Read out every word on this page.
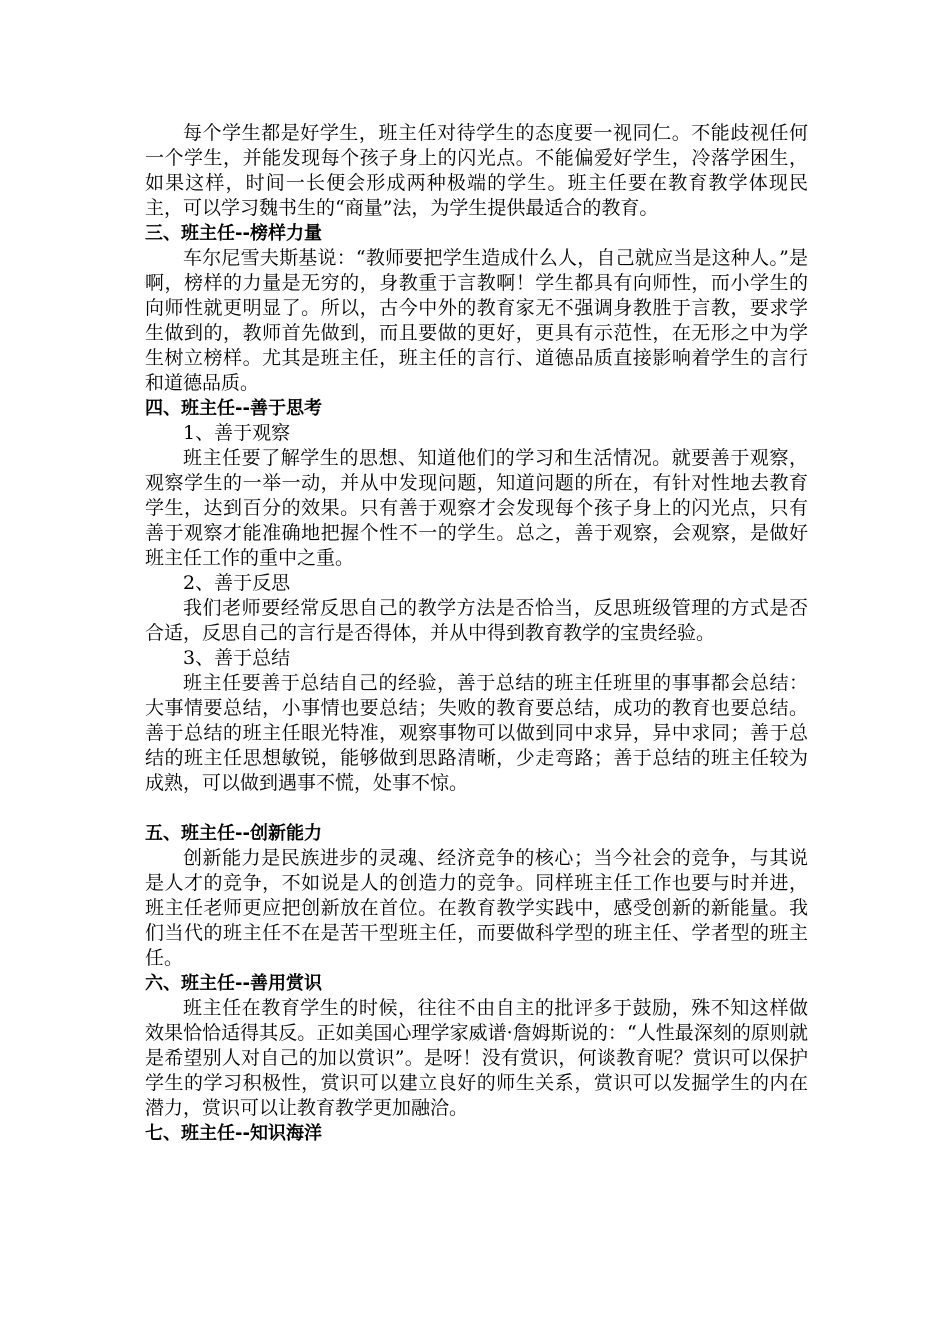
每个学生都是好学生，班主任对待学生的态度要一视同仁。不能歧视任何一个学生，并能发现每个孩子身上的闪光点。不能偏爱好学生，冷落学困生，如果这样，时间一长便会形成两种极端的学生。班主任要在教育教学体现民主，可以学习魏书生的“商量”法，为学生提供最适合的教育。

三、班主任--榜样力量

车尔尼雪夫斯基说：“教师要把学生造成什么人，自己就应当是这种人。”是啊，榜样的力量是无穷的，身教重于言教啊！学生都具有向师性，而小学生的向师性就更明显了。所以，古今中外的教育家无不强调身教胜于言教，要求学生做到的，教师首先做到，而且要做的更好，更具有示范性，在无形之中为学生树立榜样。尤其是班主任，班主任的言行、道德品质直接影响着学生的言行和道德品质。

四、班主任--善于思考

1、善于观察

班主任要了解学生的思想、知道他们的学习和生活情况。就要善于观察，观察学生的一举一动，并从中发现问题，知道问题的所在，有针对性地去教育学生，达到百分的效果。只有善于观察才会发现每个孩子身上的闪光点，只有善于观察才能准确地把握个性不一的学生。总之，善于观察，会观察，是做好班主任工作的重中之重。

2、善于反思

我们老师要经常反思自己的教学方法是否恰当，反思班级管理的方式是否合适，反思自己的言行是否得体，并从中得到教育教学的宝贵经验。

3、善于总结

班主任要善于总结自己的经验，善于总结的班主任班里的事事都会总结：大事情要总结，小事情也要总结；失败的教育要总结，成功的教育也要总结。善于总结的班主任眼光特准，观察事物可以做到同中求异，异中求同；善于总结的班主任思想敏锐，能够做到思路清晰，少走弯路；善于总结的班主任较为成熟，可以做到遇事不慌，处事不惊。

五、班主任--创新能力

创新能力是民族进步的灵魂、经济竞争的核心；当今社会的竞争，与其说是人才的竞争，不如说是人的创造力的竞争。同样班主任工作也要与时并进，班主任老师更应把创新放在首位。在教育教学实践中，感受创新的新能量。我们当代的班主任不在是苦干型班主任，而要做科学型的班主任、学者型的班主任。

六、班主任--善用赏识

班主任在教育学生的时候，往往不由自主的批评多于鼓励，殊不知这样做效果恰恰适得其反。正如美国心理学家威谱·詹姆斯说的：“人性最深刻的原则就是希望别人对自己的加以赏识”。是呀！没有赏识，何谈教育呢？赏识可以保护学生的学习积极性，赏识可以建立良好的师生关系，赏识可以发掘学生的内在潜力，赏识可以让教育教学更加融洽。

七、班主任--知识海洋
